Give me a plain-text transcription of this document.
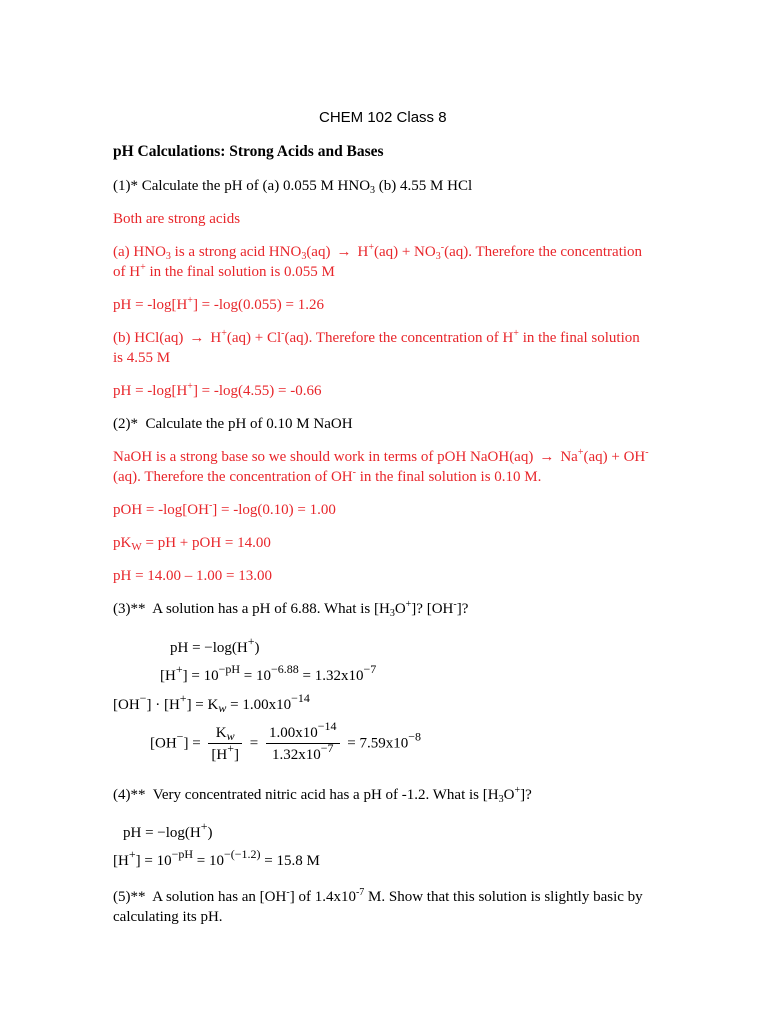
CHEM 102 Class 8
pH Calculations: Strong Acids and Bases
(1)* Calculate the pH of (a) 0.055 M $HNO_3$ (b) 4.55 M HCl
Both are strong acids
(a) $HNO_3$ is a strong acid $HNO_3(aq) \to H^+(aq) + NO_3^-(aq)$. Therefore the concentration
of H+ in the final solution is 0.055 M
pH = -log[H+] = -log(0.055) = 1.26
(b) HCl(aq) → H+(aq) + Cl-(aq). Therefore the concentration of H+ in the final solution
is 4.55 M
pH = -log[H+] = -log(4.55) = -0.66
(2)* Calculate the pH of 0.10 M NaOH
NaOH is a strong base so we should work in terms of pOH NaOH(aq) → Na+(aq) + OH-
(aq). Therefore the concentration of OH- in the final solution is 0.10 M.
pOH = -log[OH-] = -log(0.10) = 1.00
$pK_W$ = pH + pOH = 14.00
pH = 14.00 – 1.00 = 13.00
(3)** A solution has a pH of 6.88. What is $[H_3O^+]$? [OH-]?
pH = −log(H+)
$[H^+] = 10^{-pH} = 10^{-6.88} = 1.32x10^{-7}$
$[OH^-] \cdot [H^+] = K_w = 1.00x10^{-14}$
$[OH^-] = \frac{K_w}{[H^+]} = \frac{1.00x10^{-14}}{1.32x10^{-7}} = 7.59x10^{-8}$
(4)** Very concentrated nitric acid has a pH of -1.2. What is $[H_3O^+]$?
pH = −log(H+)
$[H^+] = 10^{-pH} = 10^{-(-1.2)} = 15.8$ M
(5)** A solution has an [OH-] of $1.4x10^{-7}$ M. Show that this solution is slightly basic by
calculating its pH.
